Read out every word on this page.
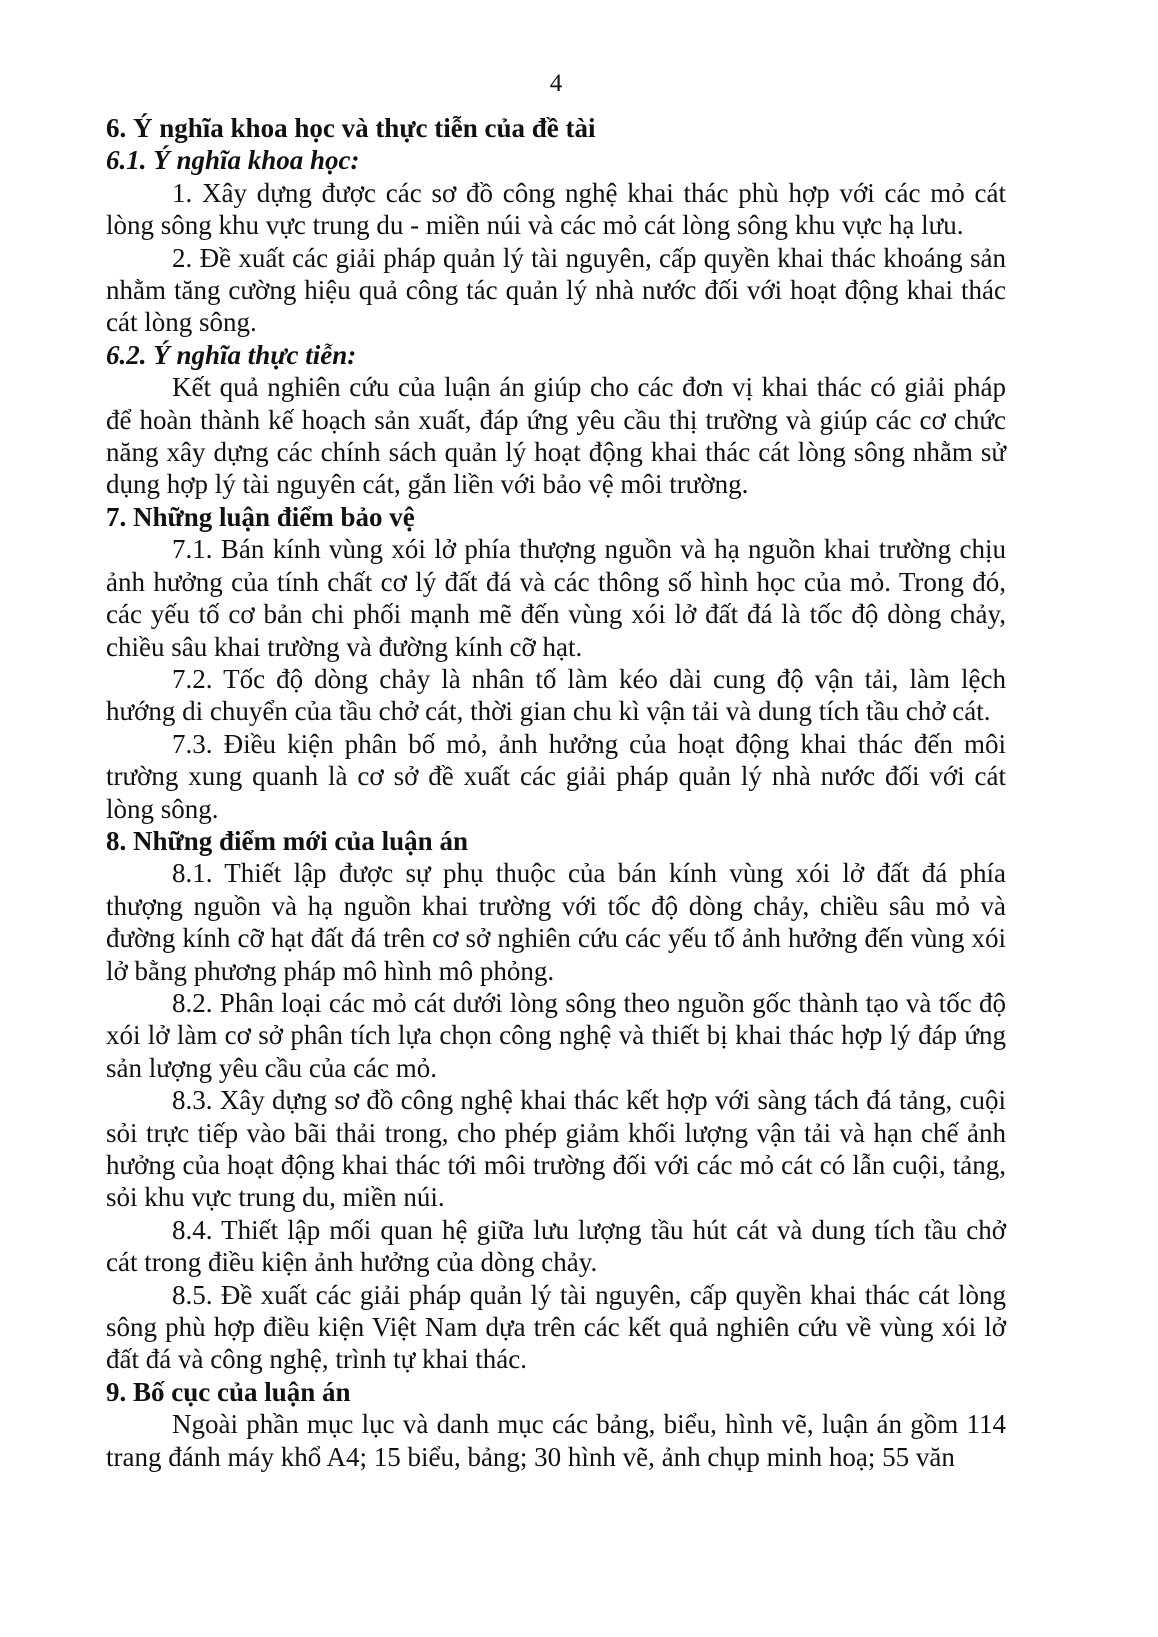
4

6. Ý nghĩa khoa học và thực tiễn của đề tài

6.1. Ý nghĩa khoa học:

1. Xây dựng được các sơ đồ công nghệ khai thác phù hợp với các mỏ cát lòng sông khu vực trung du - miền núi và các mỏ cát lòng sông khu vực hạ lưu.

2. Đề xuất các giải pháp quản lý tài nguyên, cấp quyền khai thác khoáng sản nhằm tăng cường hiệu quả công tác quản lý nhà nước đối với hoạt động khai thác cát lòng sông.

6.2. Ý nghĩa thực tiễn:

Kết quả nghiên cứu của luận án giúp cho các đơn vị khai thác có giải pháp để hoàn thành kế hoạch sản xuất, đáp ứng yêu cầu thị trường và giúp các cơ chức năng xây dựng các chính sách quản lý hoạt động khai thác cát lòng sông nhằm sử dụng hợp lý tài nguyên cát, gắn liền với bảo vệ môi trường.

7. Những luận điểm bảo vệ

7.1. Bán kính vùng xói lở phía thượng nguồn và hạ nguồn khai trường chịu ảnh hưởng của tính chất cơ lý đất đá và các thông số hình học của mỏ. Trong đó, các yếu tố cơ bản chi phối mạnh mẽ đến vùng xói lở đất đá là tốc độ dòng chảy, chiều sâu khai trường và đường kính cỡ hạt.

7.2. Tốc độ dòng chảy là nhân tố làm kéo dài cung độ vận tải, làm lệch hướng di chuyển của tầu chở cát, thời gian chu kì vận tải và dung tích tầu chở cát.

7.3. Điều kiện phân bố mỏ, ảnh hưởng của hoạt động khai thác đến môi trường xung quanh là cơ sở đề xuất các giải pháp quản lý nhà nước đối với cát lòng sông.

8. Những điểm mới của luận án

8.1. Thiết lập được sự phụ thuộc của bán kính vùng xói lở đất đá phía thượng nguồn và hạ nguồn khai trường với tốc độ dòng chảy, chiều sâu mỏ và đường kính cỡ hạt đất đá trên cơ sở nghiên cứu các yếu tố ảnh hưởng đến vùng xói lở bằng phương pháp mô hình mô phỏng.

8.2. Phân loại các mỏ cát dưới lòng sông theo nguồn gốc thành tạo và tốc độ xói lở làm cơ sở phân tích lựa chọn công nghệ và thiết bị khai thác hợp lý đáp ứng sản lượng yêu cầu của các mỏ.

8.3. Xây dựng sơ đồ công nghệ khai thác kết hợp với sàng tách đá tảng, cuội sỏi trực tiếp vào bãi thải trong, cho phép giảm khối lượng vận tải và hạn chế ảnh hưởng của hoạt động khai thác tới môi trường đối với các mỏ cát có lẫn cuội, tảng, sỏi khu vực trung du, miền núi.

8.4. Thiết lập mối quan hệ giữa lưu lượng tầu hút cát và dung tích tầu chở cát trong điều kiện ảnh hưởng của dòng chảy.

8.5. Đề xuất các giải pháp quản lý tài nguyên, cấp quyền khai thác cát lòng sông phù hợp điều kiện Việt Nam dựa trên các kết quả nghiên cứu về vùng xói lở đất đá và công nghệ, trình tự khai thác.

9. Bố cục của luận án

Ngoài phần mục lục và danh mục các bảng, biểu, hình vẽ, luận án gồm 114 trang đánh máy khổ A4; 15 biểu, bảng; 30 hình vẽ, ảnh chụp minh hoạ; 55 văn
